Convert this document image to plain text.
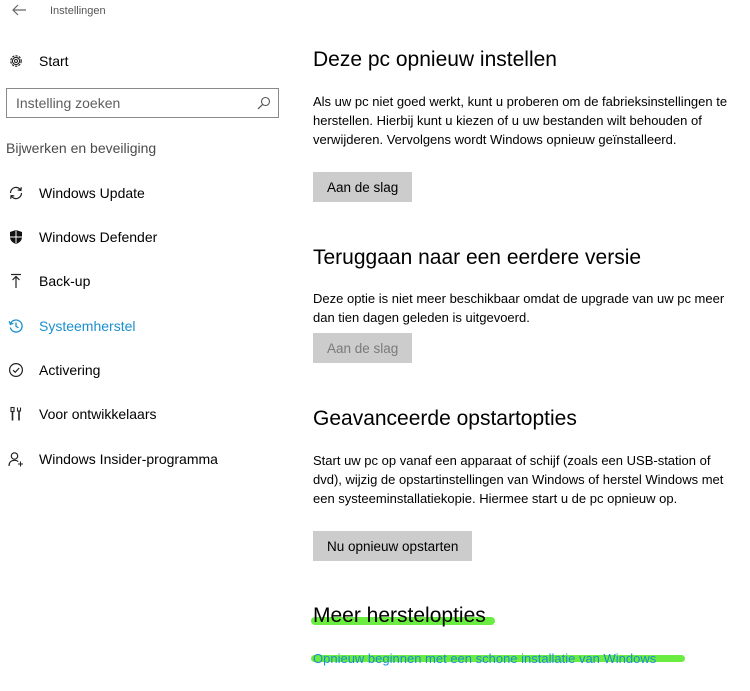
Instellingen
Start
Instelling zoeken
Bijwerken en beveiliging
Windows Update
Windows Defender
Back-up
Systeemherstel
Activering
Voor ontwikkelaars
Windows Insider-programma
Deze pc opnieuw instellen
Als uw pc niet goed werkt, kunt u proberen om de fabrieksinstellingen te herstellen. Hierbij kunt u kiezen of u uw bestanden wilt behouden of verwijderen. Vervolgens wordt Windows opnieuw geïnstalleerd.
Aan de slag
Teruggaan naar een eerdere versie
Deze optie is niet meer beschikbaar omdat de upgrade van uw pc meer dan tien dagen geleden is uitgevoerd.
Aan de slag
Geavanceerde opstartopties
Start uw pc op vanaf een apparaat of schijf (zoals een USB-station of dvd), wijzig de opstartinstellingen van Windows of herstel Windows met een systeeminstallatiekopie. Hiermee start u de pc opnieuw op.
Nu opnieuw opstarten
Meer herstelopties
Opnieuw beginnen met een schone installatie van Windows
